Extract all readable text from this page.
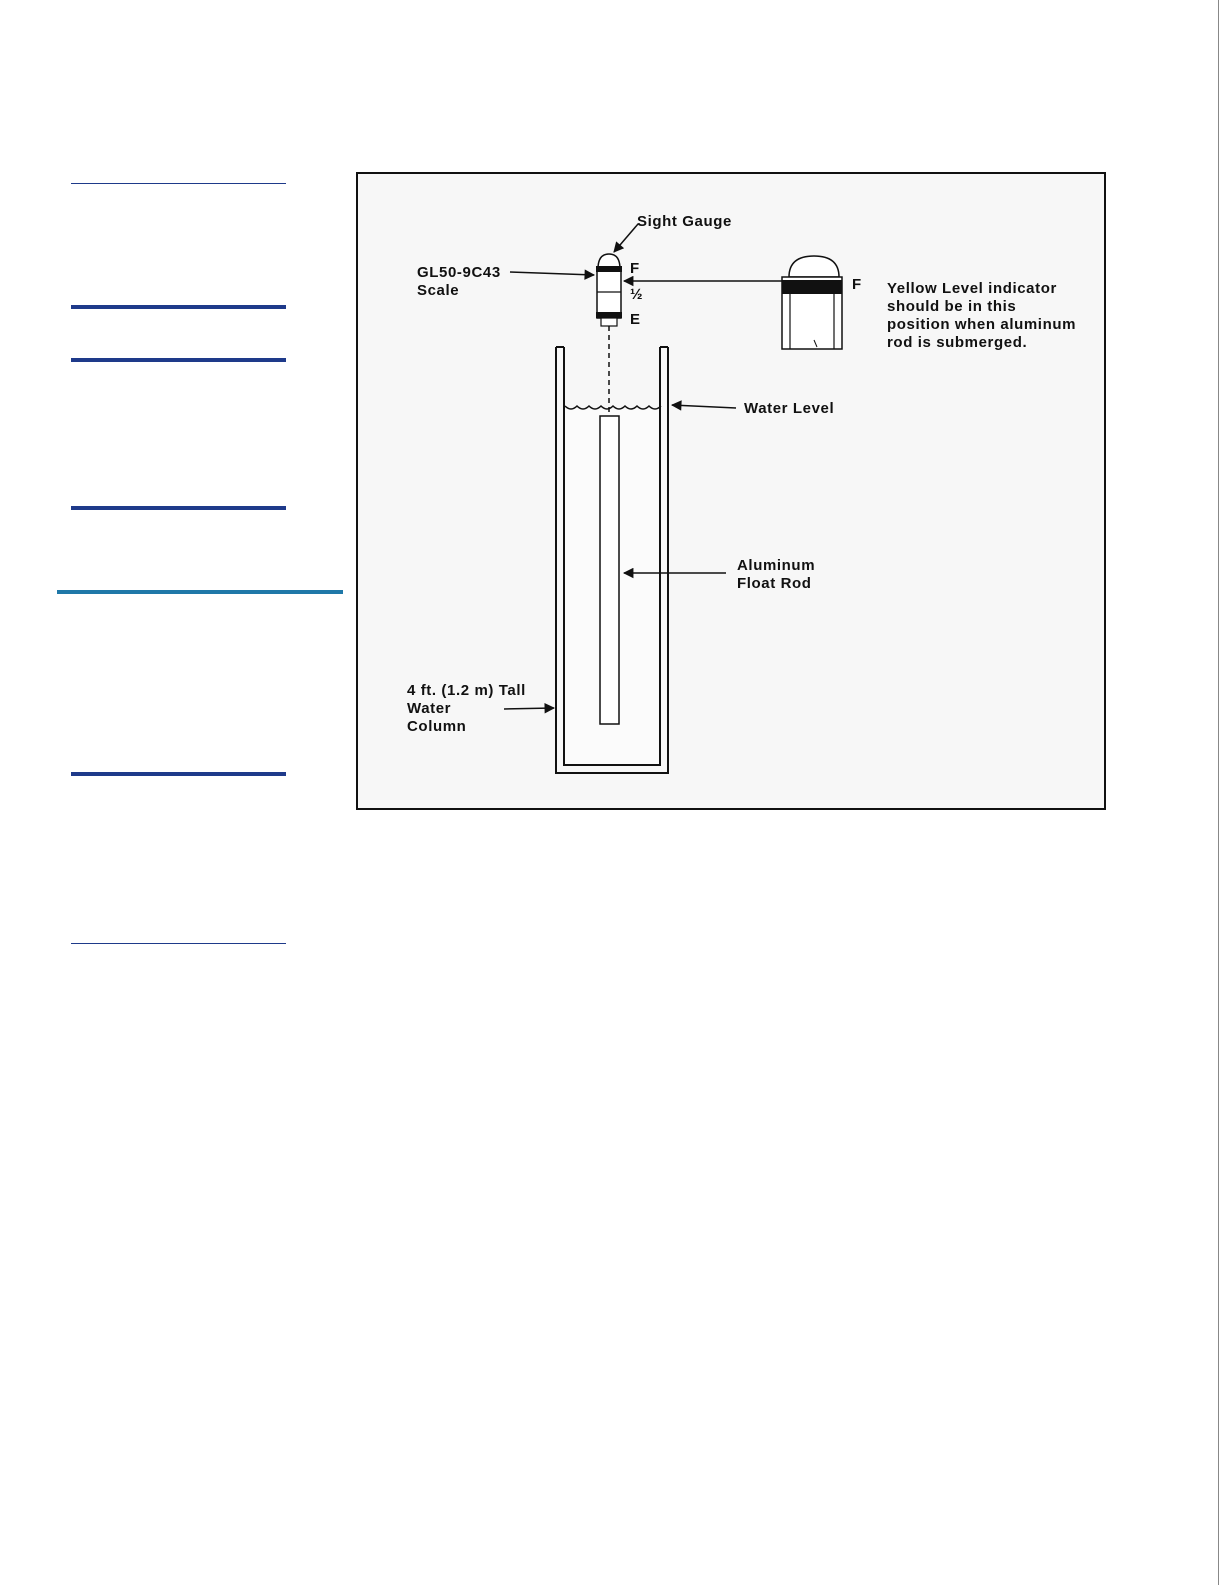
F
½
E
F
Sight Gauge
GL50-9C43
Scale	Yellow Level indicator
should be in this
position when aluminum
rod is submerged.
Water Level
Aluminum
Float Rod
4 ft. (1.2 m) Tall
Water
Column
